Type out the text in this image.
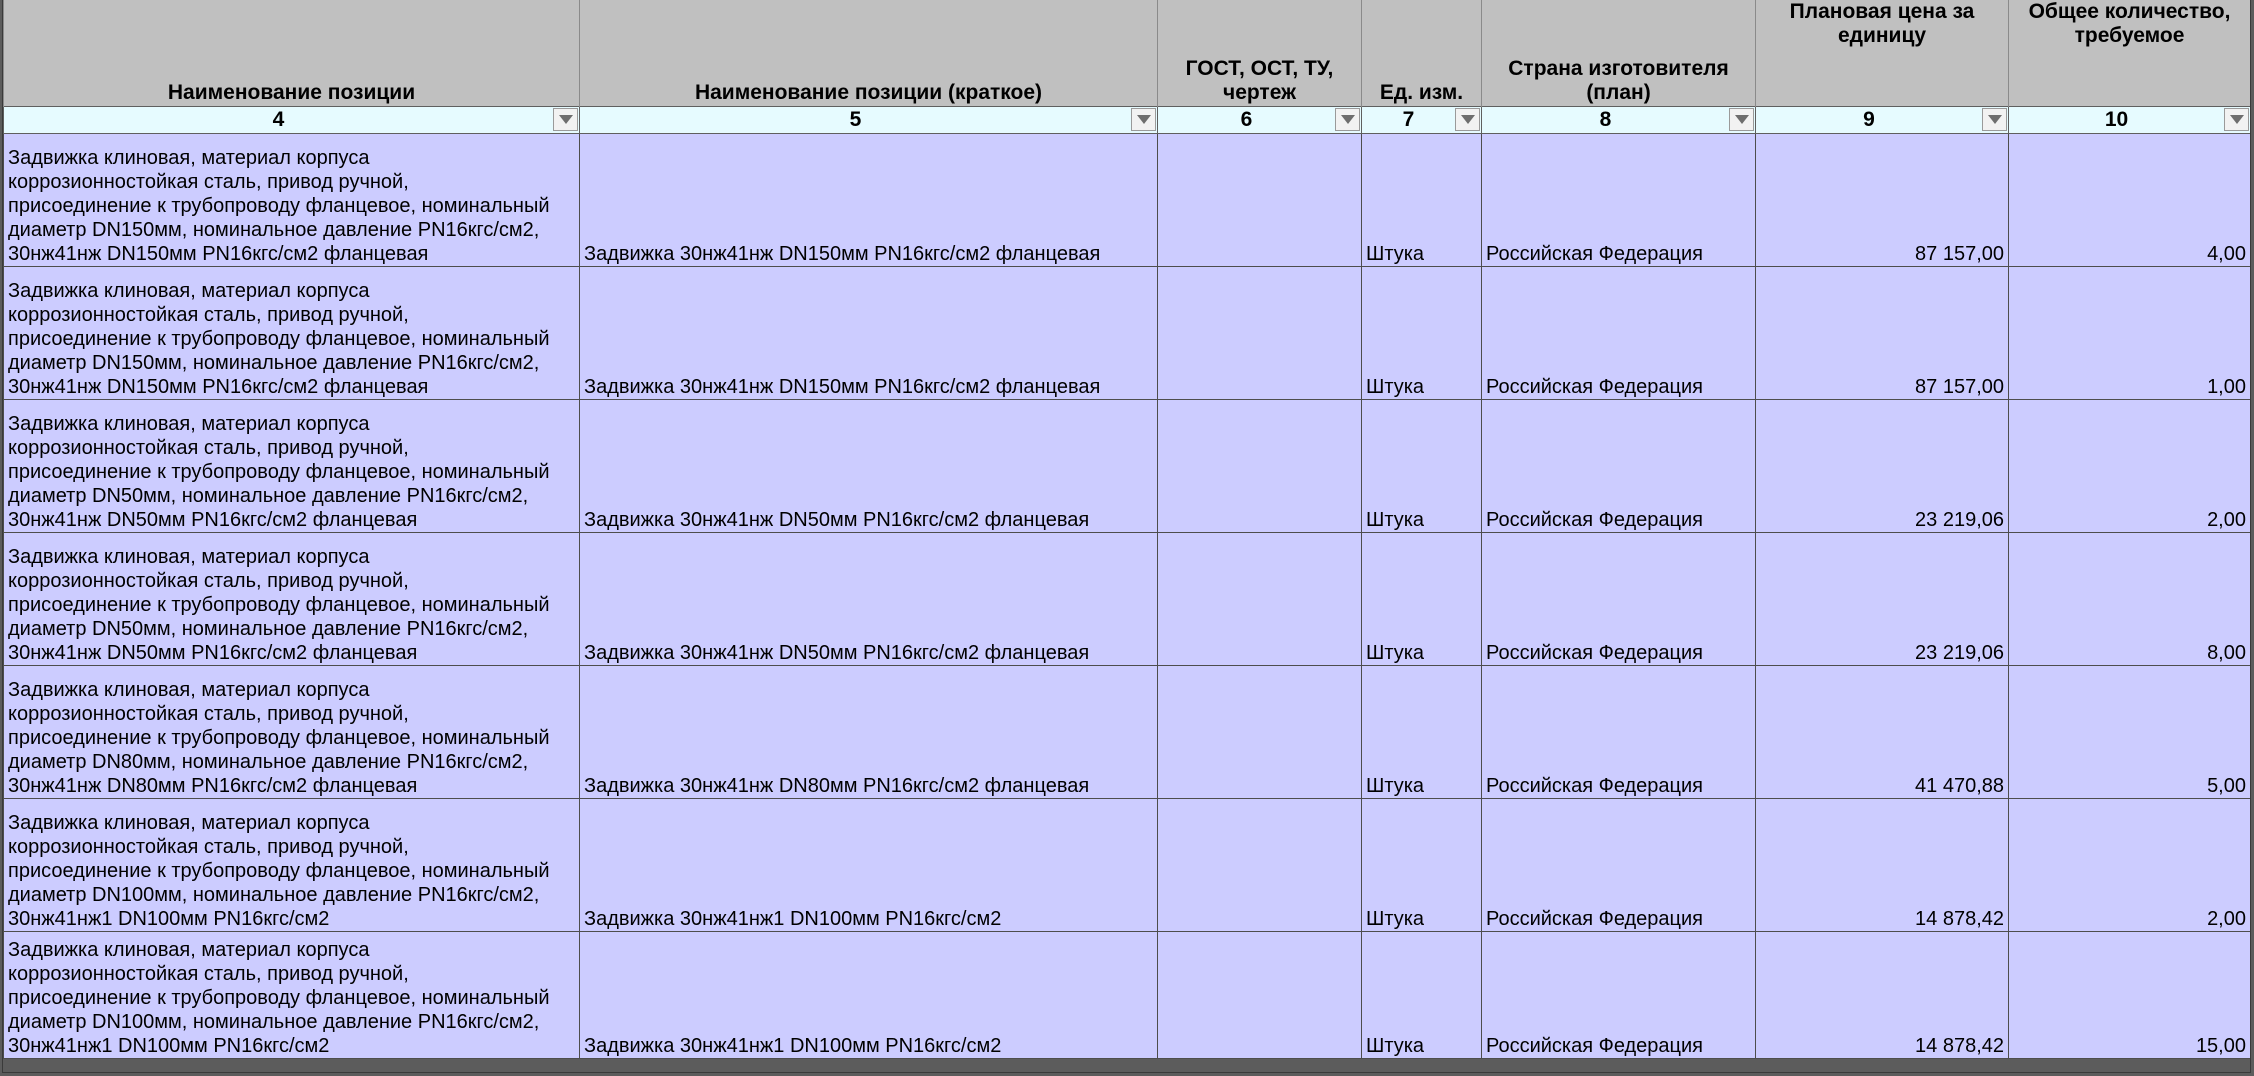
Наименование позиции	Наименование позиции (краткое)	ГОСТ, ОСТ, ТУ, чертеж	Ед. изм.	Страна изготовителя (план)	Плановая цена за единицу	Общее количество, требуемое

4	5	6	7	8	9	10

Задвижка клиновая, материал корпуса
коррозионностойкая сталь, привод ручной,
присоединение к трубопроводу фланцевое, номинальный
диаметр DN150мм, номинальное давление PN16кгс/см2,
30нж41нж DN150мм PN16кгс/см2 фланцевая	Задвижка 30нж41нж DN150мм PN16кгс/см2 фланцевая		Штука	Российская Федерация	87 157,00	4,00

Задвижка клиновая, материал корпуса
коррозионностойкая сталь, привод ручной,
присоединение к трубопроводу фланцевое, номинальный
диаметр DN150мм, номинальное давление PN16кгс/см2,
30нж41нж DN150мм PN16кгс/см2 фланцевая	Задвижка 30нж41нж DN150мм PN16кгс/см2 фланцевая		Штука	Российская Федерация	87 157,00	1,00

Задвижка клиновая, материал корпуса
коррозионностойкая сталь, привод ручной,
присоединение к трубопроводу фланцевое, номинальный
диаметр DN50мм, номинальное давление PN16кгс/см2,
30нж41нж DN50мм PN16кгс/см2 фланцевая	Задвижка 30нж41нж DN50мм PN16кгс/см2 фланцевая		Штука	Российская Федерация	23 219,06	2,00

Задвижка клиновая, материал корпуса
коррозионностойкая сталь, привод ручной,
присоединение к трубопроводу фланцевое, номинальный
диаметр DN50мм, номинальное давление PN16кгс/см2,
30нж41нж DN50мм PN16кгс/см2 фланцевая	Задвижка 30нж41нж DN50мм PN16кгс/см2 фланцевая		Штука	Российская Федерация	23 219,06	8,00

Задвижка клиновая, материал корпуса
коррозионностойкая сталь, привод ручной,
присоединение к трубопроводу фланцевое, номинальный
диаметр DN80мм, номинальное давление PN16кгс/см2,
30нж41нж DN80мм PN16кгс/см2 фланцевая	Задвижка 30нж41нж DN80мм PN16кгс/см2 фланцевая		Штука	Российская Федерация	41 470,88	5,00

Задвижка клиновая, материал корпуса
коррозионностойкая сталь, привод ручной,
присоединение к трубопроводу фланцевое, номинальный
диаметр DN100мм, номинальное давление PN16кгс/см2,
30нж41нж1 DN100мм PN16кгс/см2	Задвижка 30нж41нж1 DN100мм PN16кгс/см2		Штука	Российская Федерация	14 878,42	2,00

Задвижка клиновая, материал корпуса
коррозионностойкая сталь, привод ручной,
присоединение к трубопроводу фланцевое, номинальный
диаметр DN100мм, номинальное давление PN16кгс/см2,
30нж41нж1 DN100мм PN16кгс/см2	Задвижка 30нж41нж1 DN100мм PN16кгс/см2		Штука	Российская Федерация	14 878,42	15,00
